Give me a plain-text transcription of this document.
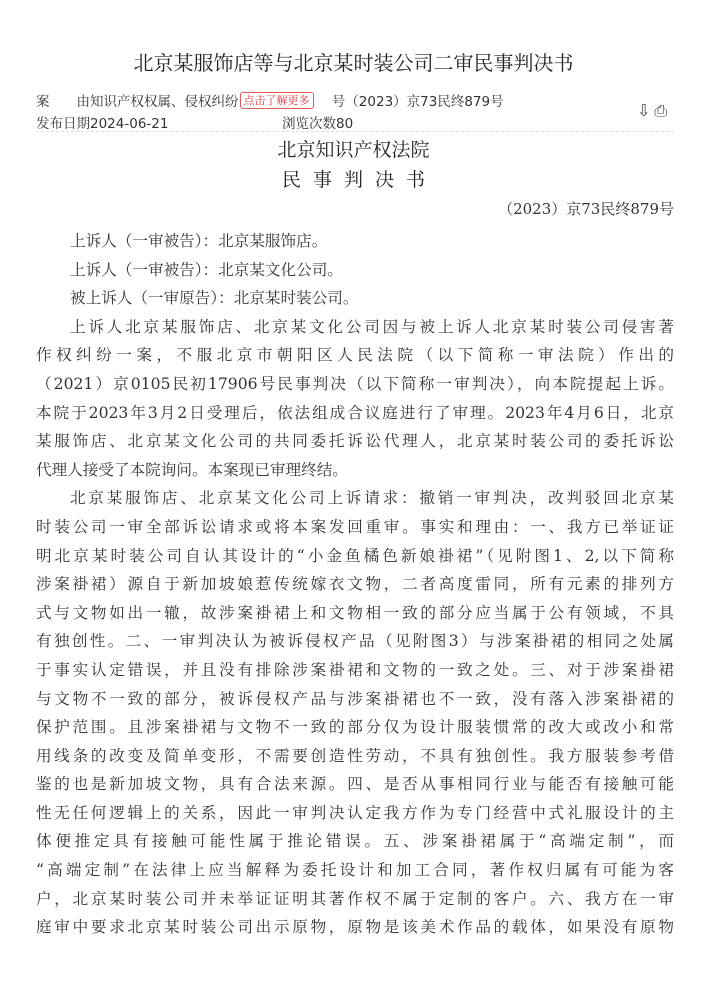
北京某服饰店等与北京某时装公司二审民事判决书
案　　由知识产权权属、侵权纠纷 点击了解更多 号（2023）京73民终879号
发布日期2024-06-21	浏览次数80
⇩ ⎙
北京知识产权法院
民事判决书
（2023）京73民终879号
上诉人（一审被告）：北京某服饰店。
上诉人（一审被告）：北京某文化公司。
被上诉人（一审原告）：北京某时装公司。
上诉人北京某服饰店、北京某文化公司因与被上诉人北京某时装公司侵害著
作权纠纷一案，不服北京市朝阳区人民法院（以下简称一审法院）作出的
（2021）京0105民初17906号民事判决（以下简称一审判决），向本院提起上诉。
本院于2023年3月2日受理后，依法组成合议庭进行了审理。2023年4月6日，北京
某服饰店、北京某文化公司的共同委托诉讼代理人，北京某时装公司的委托诉讼
代理人接受了本院询问。本案现已审理终结。
北京某服饰店、北京某文化公司上诉请求：撤销一审判决，改判驳回北京某
时装公司一审全部诉讼请求或将本案发回重审。事实和理由：一、我方已举证证
明北京某时装公司自认其设计的“小金鱼橘色新娘褂裙”（见附图1、2,以下简称
涉案褂裙）源自于新加坡娘惹传统嫁衣文物，二者高度雷同，所有元素的排列方
式与文物如出一辙，故涉案褂裙上和文物相一致的部分应当属于公有领域，不具
有独创性。二、一审判决认为被诉侵权产品（见附图3）与涉案褂裙的相同之处属
于事实认定错误，并且没有排除涉案褂裙和文物的一致之处。三、对于涉案褂裙
与文物不一致的部分，被诉侵权产品与涉案褂裙也不一致，没有落入涉案褂裙的
保护范围。且涉案褂裙与文物不一致的部分仅为设计服装惯常的改大或改小和常
用线条的改变及简单变形，不需要创造性劳动，不具有独创性。我方服装参考借
鉴的也是新加坡文物，具有合法来源。四、是否从事相同行业与能否有接触可能
性无任何逻辑上的关系，因此一审判决认定我方作为专门经营中式礼服设计的主
体便推定具有接触可能性属于推论错误。五、涉案褂裙属于“高端定制”，而
“高端定制”在法律上应当解释为委托设计和加工合同，著作权归属有可能为客
户，北京某时装公司并未举证证明其著作权不属于定制的客户。六、我方在一审
庭审中要求北京某时装公司出示原物，原物是该美术作品的载体，如果没有原物
